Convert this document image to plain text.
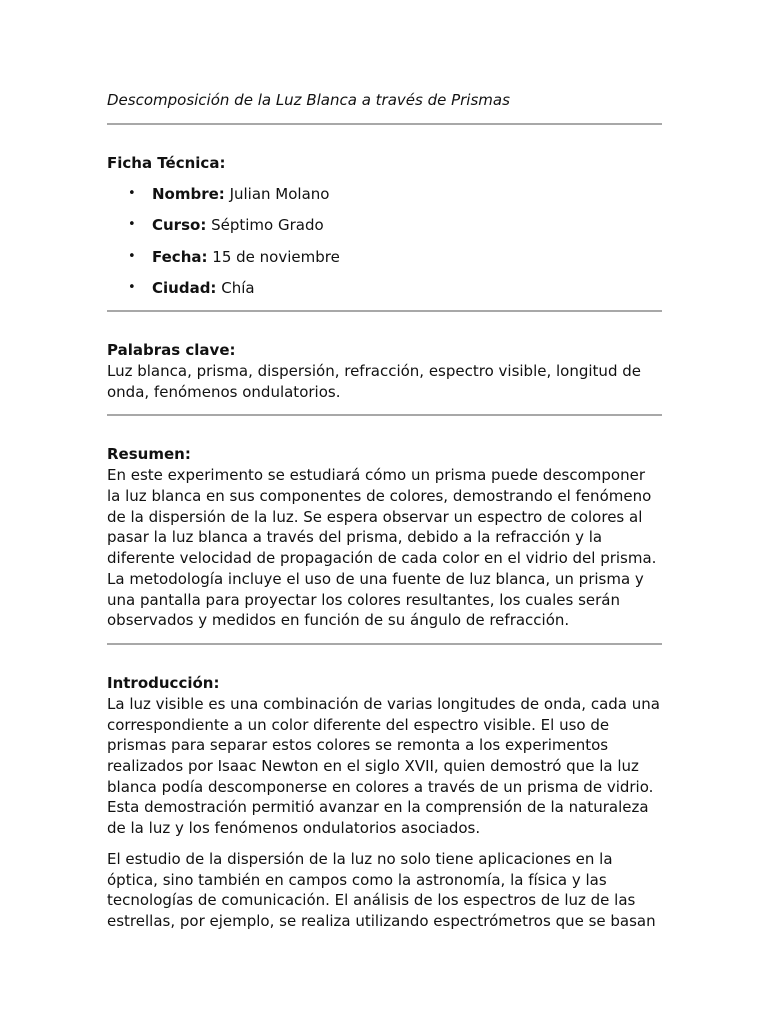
Descomposición de la Luz Blanca a través de Prismas

Ficha Técnica:

• Nombre: Julian Molano
• Curso: Séptimo Grado
• Fecha: 15 de noviembre
• Ciudad: Chía

Palabras clave:

Luz blanca, prisma, dispersión, refracción, espectro visible, longitud de onda, fenómenos ondulatorios.

Resumen:

En este experimento se estudiará cómo un prisma puede descomponer la luz blanca en sus componentes de colores, demostrando el fenómeno de la dispersión de la luz. Se espera observar un espectro de colores al pasar la luz blanca a través del prisma, debido a la refracción y la diferente velocidad de propagación de cada color en el vidrio del prisma. La metodología incluye el uso de una fuente de luz blanca, un prisma y una pantalla para proyectar los colores resultantes, los cuales serán observados y medidos en función de su ángulo de refracción.

Introducción:

La luz visible es una combinación de varias longitudes de onda, cada una correspondiente a un color diferente del espectro visible. El uso de prismas para separar estos colores se remonta a los experimentos realizados por Isaac Newton en el siglo XVII, quien demostró que la luz blanca podía descomponerse en colores a través de un prisma de vidrio. Esta demostración permitió avanzar en la comprensión de la naturaleza de la luz y los fenómenos ondulatorios asociados.

El estudio de la dispersión de la luz no solo tiene aplicaciones en la óptica, sino también en campos como la astronomía, la física y las tecnologías de comunicación. El análisis de los espectros de luz de las estrellas, por ejemplo, se realiza utilizando espectrómetros que se basan
